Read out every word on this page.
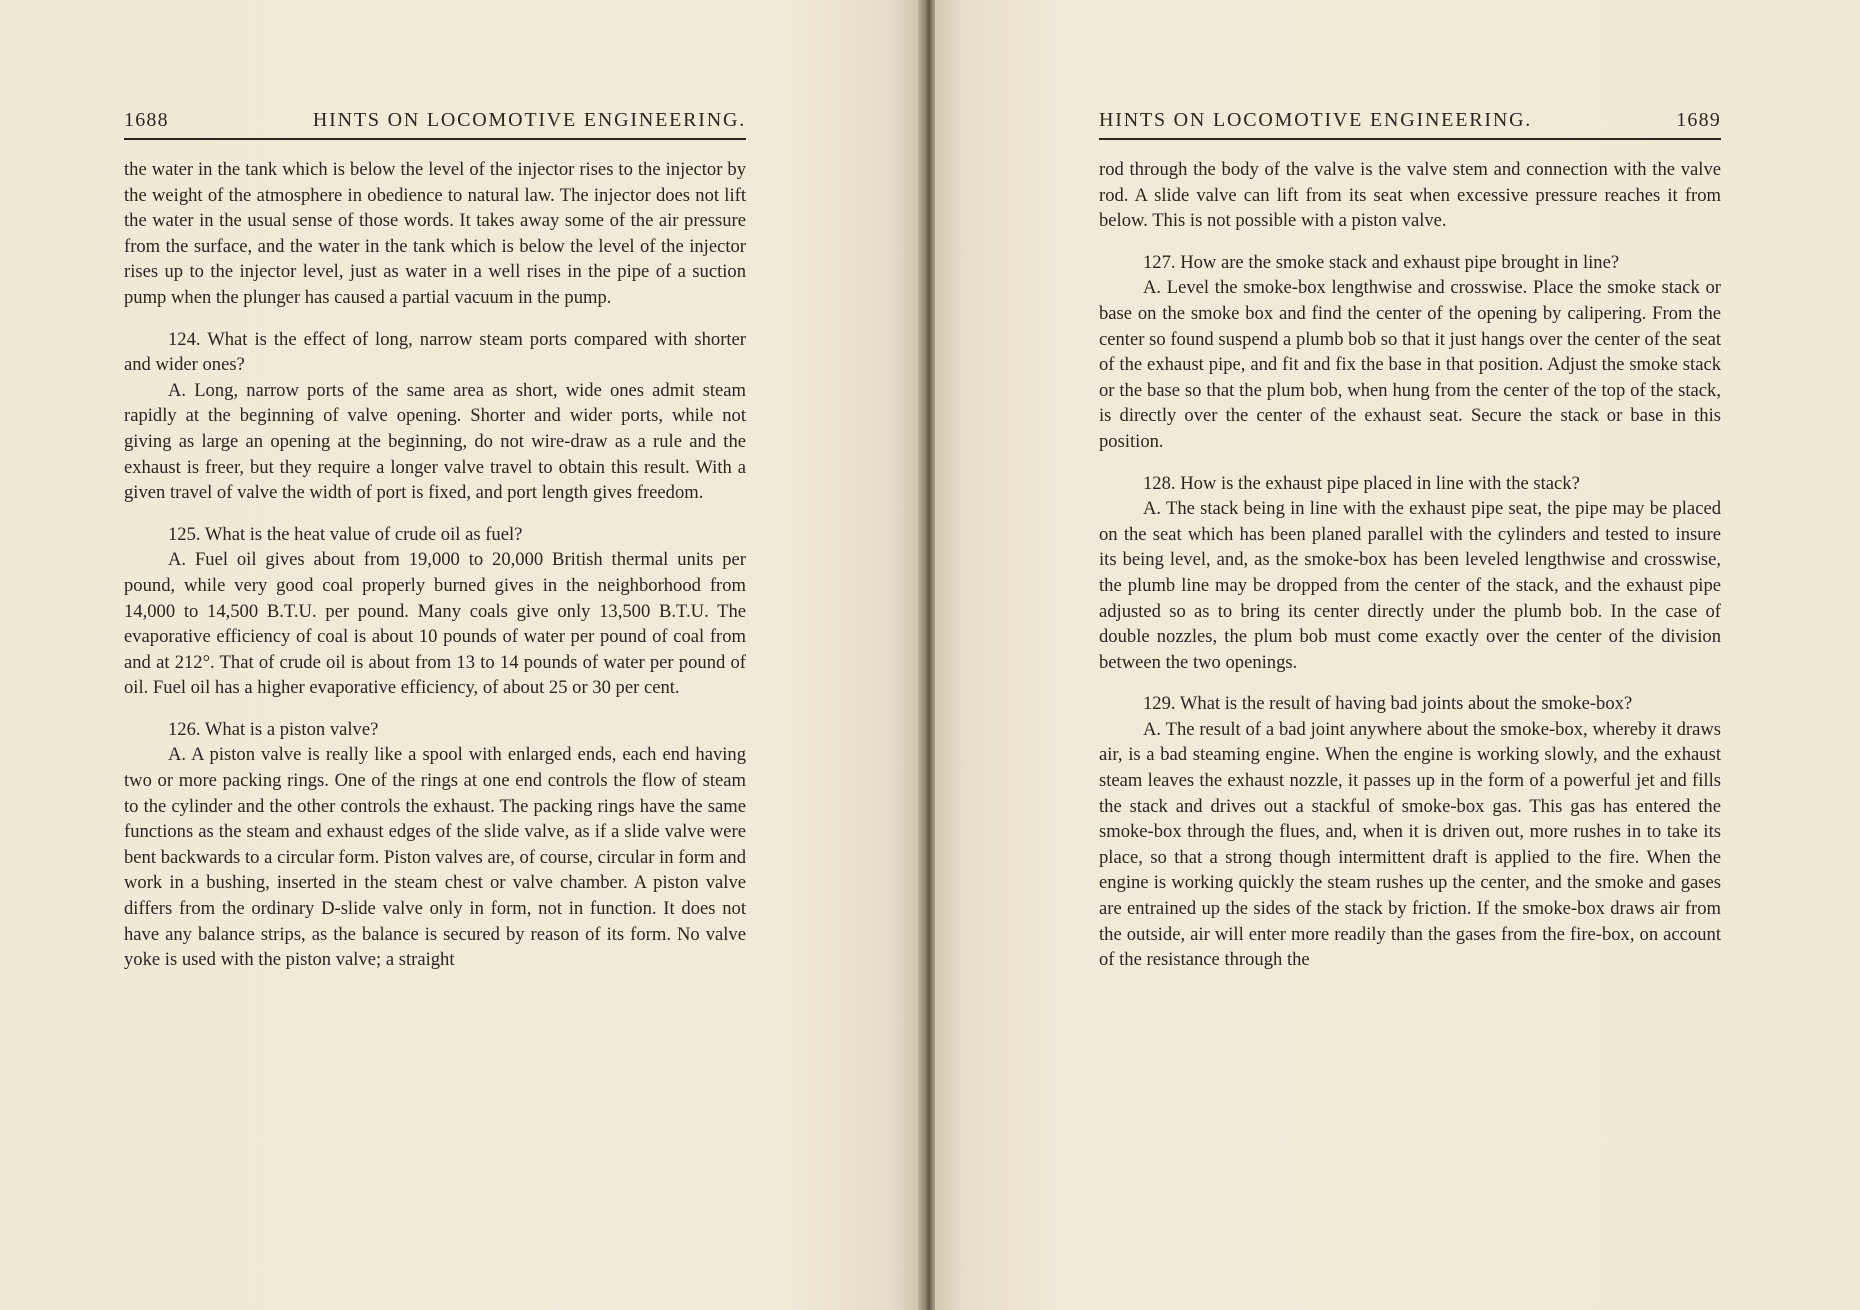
1688	HINTS ON LOCOMOTIVE ENGINEERING.

the water in the tank which is below the level of the injector rises to the injector by the weight of the atmosphere in obedience to natural law. The injector does not lift the water in the usual sense of those words. It takes away some of the air pressure from the surface, and the water in the tank which is below the level of the injector rises up to the injector level, just as water in a well rises in the pipe of a suction pump when the plunger has caused a partial vacuum in the pump.

124. What is the effect of long, narrow steam ports compared with shorter and wider ones?

A. Long, narrow ports of the same area as short, wide ones admit steam rapidly at the beginning of valve opening. Shorter and wider ports, while not giving as large an opening at the beginning, do not wire-draw as a rule and the exhaust is freer, but they require a longer valve travel to obtain this result. With a given travel of valve the width of port is fixed, and port length gives freedom.

125. What is the heat value of crude oil as fuel?

A. Fuel oil gives about from 19,000 to 20,000 British thermal units per pound, while very good coal properly burned gives in the neighborhood from 14,000 to 14,500 B.T.U. per pound. Many coals give only 13,500 B.T.U. The evaporative efficiency of coal is about 10 pounds of water per pound of coal from and at 212°. That of crude oil is about from 13 to 14 pounds of water per pound of oil. Fuel oil has a higher evaporative efficiency, of about 25 or 30 per cent.

126. What is a piston valve?

A. A piston valve is really like a spool with enlarged ends, each end having two or more packing rings. One of the rings at one end controls the flow of steam to the cylinder and the other controls the exhaust. The packing rings have the same functions as the steam and exhaust edges of the slide valve, as if a slide valve were bent backwards to a circular form. Piston valves are, of course, circular in form and work in a bushing, inserted in the steam chest or valve chamber. A piston valve differs from the ordinary D-slide valve only in form, not in function. It does not have any balance strips, as the balance is secured by reason of its form. No valve yoke is used with the piston valve; a straight

HINTS ON LOCOMOTIVE ENGINEERING.	1689

rod through the body of the valve is the valve stem and connection with the valve rod. A slide valve can lift from its seat when excessive pressure reaches it from below. This is not possible with a piston valve.

127. How are the smoke stack and exhaust pipe brought in line?

A. Level the smoke-box lengthwise and crosswise. Place the smoke stack or base on the smoke box and find the center of the opening by calipering. From the center so found suspend a plumb bob so that it just hangs over the center of the seat of the exhaust pipe, and fit and fix the base in that position. Adjust the smoke stack or the base so that the plum bob, when hung from the center of the top of the stack, is directly over the center of the exhaust seat. Secure the stack or base in this position.

128. How is the exhaust pipe placed in line with the stack?

A. The stack being in line with the exhaust pipe seat, the pipe may be placed on the seat which has been planed parallel with the cylinders and tested to insure its being level, and, as the smoke-box has been leveled lengthwise and crosswise, the plumb line may be dropped from the center of the stack, and the exhaust pipe adjusted so as to bring its center directly under the plumb bob. In the case of double nozzles, the plum bob must come exactly over the center of the division between the two openings.

129. What is the result of having bad joints about the smoke-box?

A. The result of a bad joint anywhere about the smoke-box, whereby it draws air, is a bad steaming engine. When the engine is working slowly, and the exhaust steam leaves the exhaust nozzle, it passes up in the form of a powerful jet and fills the stack and drives out a stackful of smoke-box gas. This gas has entered the smoke-box through the flues, and, when it is driven out, more rushes in to take its place, so that a strong though intermittent draft is applied to the fire. When the engine is working quickly the steam rushes up the center, and the smoke and gases are entrained up the sides of the stack by friction. If the smoke-box draws air from the outside, air will enter more readily than the gases from the fire-box, on account of the resistance through the
